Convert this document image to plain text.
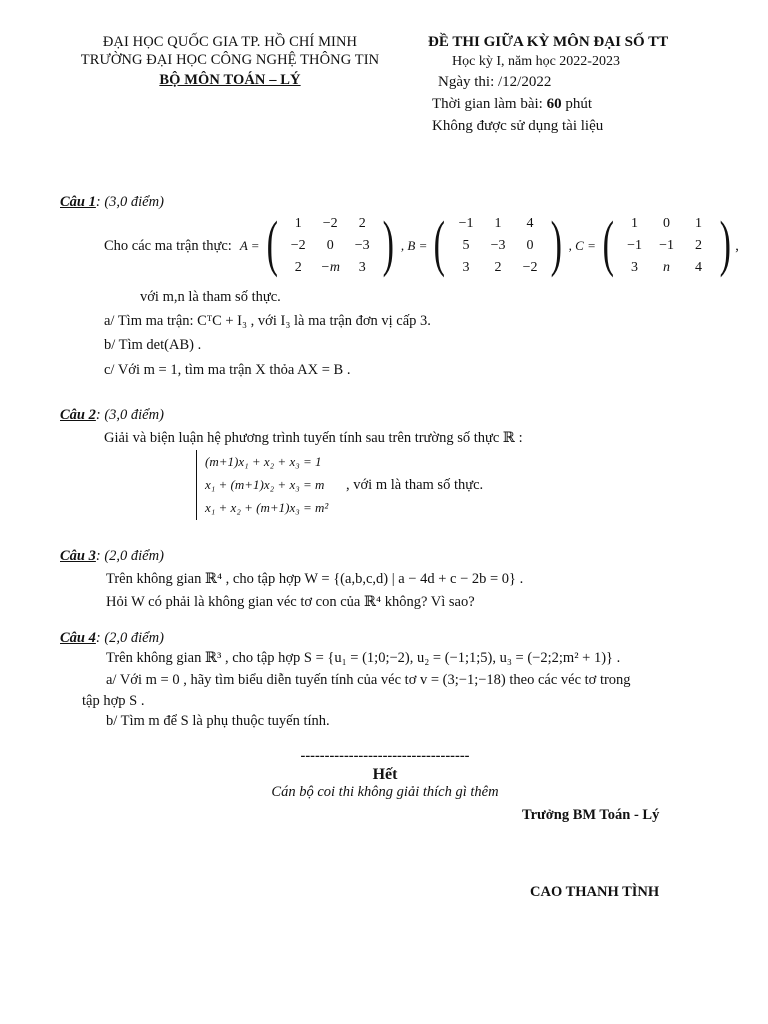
ĐẠI HỌC QUỐC GIA TP. HỒ CHÍ MINH
TRƯỜNG ĐẠI HỌC CÔNG NGHỆ THÔNG TIN
BỘ MÔN TOÁN – LÝ
ĐỀ THI GIỮA KỲ MÔN ĐẠI SỐ TT
Học kỳ I, năm học 2022-2023
Ngày thi: /12/2022
Thời gian làm bài: 60 phút
Không được sử dụng tài liệu
Câu 1: (3,0 điểm)
Cho các ma trận thực: A = (	1	−2	2
−2	0	−3
2	−m	3 ) , B = ( −1	1	4
5	−3	0
3	2	−2 ) , C = (	1	0	1
−1	−1	2
3	n	4 ) ,
với m,n là tham số thực.
a/ Tìm ma trận: CᵀC + I₃ , với I₃ là ma trận đơn vị cấp 3.
b/ Tìm det(AB) .
c/ Với m = 1, tìm ma trận X thỏa AX = B .
Câu 2: (3,0 điểm)
Giải và biện luận hệ phương trình tuyến tính sau trên trường số thực ℝ :
(m+1)x₁ + x₂ + x₃ = 1
x₁ + (m+1)x₂ + x₃ = m
x₁ + x₂ + (m+1)x₃ = m²
, với m là tham số thực.
Câu 3: (2,0 điểm)
Trên không gian ℝ⁴ , cho tập hợp W = {(a,b,c,d) | a − 4d + c − 2b = 0} .
Hỏi W có phải là không gian véc tơ con của ℝ⁴ không? Vì sao?
Câu 4: (2,0 điểm)
Trên không gian ℝ³ , cho tập hợp S = {u₁ = (1;0;−2), u₂ = (−1;1;5), u₃ = (−2;2;m² + 1)} .
a/ Với m = 0 , hãy tìm biểu diễn tuyến tính của véc tơ v = (3;−1;−18) theo các véc tơ trong
tập hợp S .
b/ Tìm m để S là phụ thuộc tuyến tính.
-----------------------------------
Hết
Cán bộ coi thi không giải thích gì thêm
Trưởng BM Toán - Lý
CAO THANH TÌNH
